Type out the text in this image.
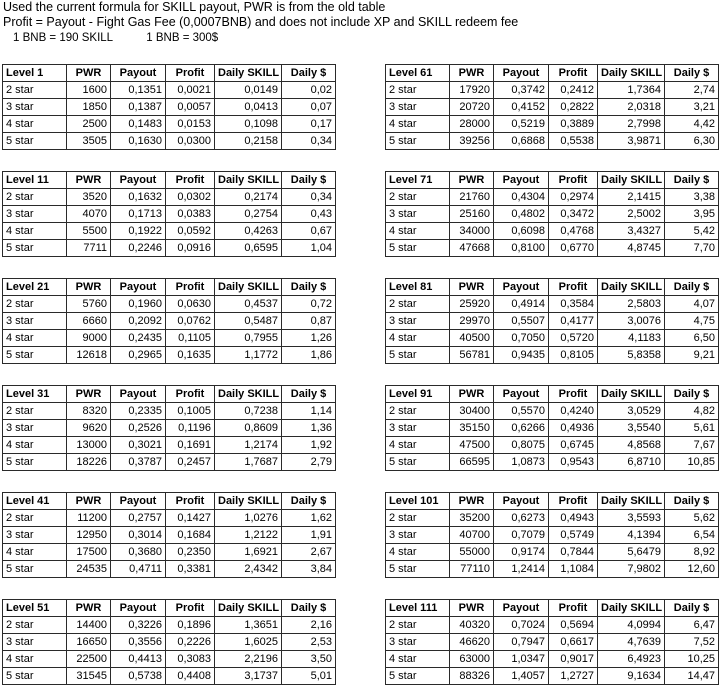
Used the current formula for SKILL payout, PWR is from the old table
Profit = Payout - Fight Gas Fee (0,0007BNB) and does not include XP and SKILL redeem fee
1 BNB = 190 SKILL	1 BNB = 300$
Level 1	PWR	Payout	Profit	Daily SKILL	Daily $
2 star	1600	0,1351	0,0021	0,0149	0,02
3 star	1850	0,1387	0,0057	0,0413	0,07
4 star	2500	0,1483	0,0153	0,1098	0,17
5 star	3505	0,1630	0,0300	0,2158	0,34
Level 61	PWR	Payout	Profit	Daily SKILL	Daily $
2 star	17920	0,3742	0,2412	1,7364	2,74
3 star	20720	0,4152	0,2822	2,0318	3,21
4 star	28000	0,5219	0,3889	2,7998	4,42
5 star	39256	0,6868	0,5538	3,9871	6,30
Level 11	PWR	Payout	Profit	Daily SKILL	Daily $
2 star	3520	0,1632	0,0302	0,2174	0,34
3 star	4070	0,1713	0,0383	0,2754	0,43
4 star	5500	0,1922	0,0592	0,4263	0,67
5 star	7711	0,2246	0,0916	0,6595	1,04
Level 71	PWR	Payout	Profit	Daily SKILL	Daily $
2 star	21760	0,4304	0,2974	2,1415	3,38
3 star	25160	0,4802	0,3472	2,5002	3,95
4 star	34000	0,6098	0,4768	3,4327	5,42
5 star	47668	0,8100	0,6770	4,8745	7,70
Level 21	PWR	Payout	Profit	Daily SKILL	Daily $
2 star	5760	0,1960	0,0630	0,4537	0,72
3 star	6660	0,2092	0,0762	0,5487	0,87
4 star	9000	0,2435	0,1105	0,7955	1,26
5 star	12618	0,2965	0,1635	1,1772	1,86
Level 81	PWR	Payout	Profit	Daily SKILL	Daily $
2 star	25920	0,4914	0,3584	2,5803	4,07
3 star	29970	0,5507	0,4177	3,0076	4,75
4 star	40500	0,7050	0,5720	4,1183	6,50
5 star	56781	0,9435	0,8105	5,8358	9,21
Level 31	PWR	Payout	Profit	Daily SKILL	Daily $
2 star	8320	0,2335	0,1005	0,7238	1,14
3 star	9620	0,2526	0,1196	0,8609	1,36
4 star	13000	0,3021	0,1691	1,2174	1,92
5 star	18226	0,3787	0,2457	1,7687	2,79
Level 91	PWR	Payout	Profit	Daily SKILL	Daily $
2 star	30400	0,5570	0,4240	3,0529	4,82
3 star	35150	0,6266	0,4936	3,5540	5,61
4 star	47500	0,8075	0,6745	4,8568	7,67
5 star	66595	1,0873	0,9543	6,8710	10,85
Level 41	PWR	Payout	Profit	Daily SKILL	Daily $
2 star	11200	0,2757	0,1427	1,0276	1,62
3 star	12950	0,3014	0,1684	1,2122	1,91
4 star	17500	0,3680	0,2350	1,6921	2,67
5 star	24535	0,4711	0,3381	2,4342	3,84
Level 101	PWR	Payout	Profit	Daily SKILL	Daily $
2 star	35200	0,6273	0,4943	3,5593	5,62
3 star	40700	0,7079	0,5749	4,1394	6,54
4 star	55000	0,9174	0,7844	5,6479	8,92
5 star	77110	1,2414	1,1084	7,9802	12,60
Level 51	PWR	Payout	Profit	Daily SKILL	Daily $
2 star	14400	0,3226	0,1896	1,3651	2,16
3 star	16650	0,3556	0,2226	1,6025	2,53
4 star	22500	0,4413	0,3083	2,2196	3,50
5 star	31545	0,5738	0,4408	3,1737	5,01
Level 111	PWR	Payout	Profit	Daily SKILL	Daily $
2 star	40320	0,7024	0,5694	4,0994	6,47
3 star	46620	0,7947	0,6617	4,7639	7,52
4 star	63000	1,0347	0,9017	6,4923	10,25
5 star	88326	1,4057	1,2727	9,1634	14,47
